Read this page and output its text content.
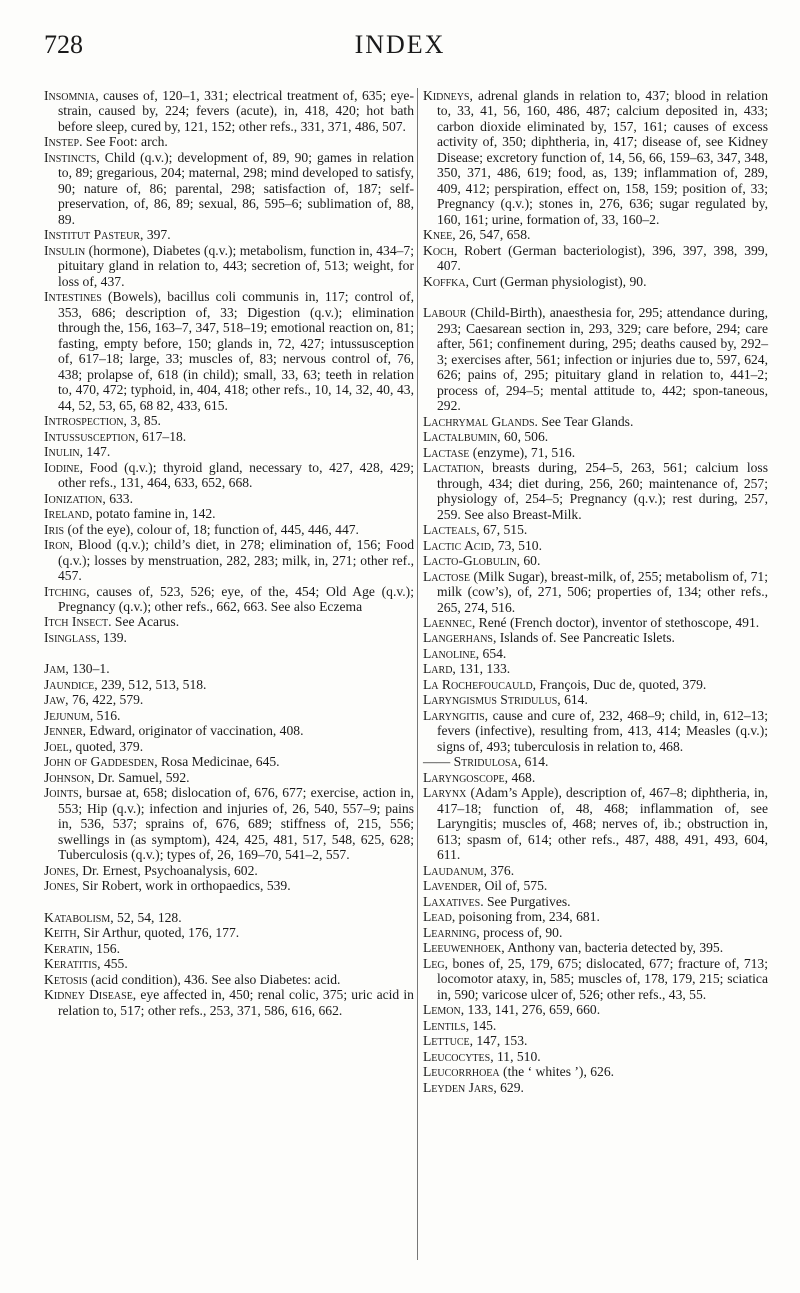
728	INDEX

Insomnia, causes of, 120–1, 331; electrical treatment of, 635; eye-strain, caused by, 224; fevers (acute), in, 418, 420; hot bath before sleep, cured by, 121, 152; other refs., 331, 371, 486, 507.

Instep. See Foot: arch.

Instincts, Child (q.v.); development of, 89, 90; games in relation to, 89; gregarious, 204; maternal, 298; mind developed to satisfy, 90; nature of, 86; parental, 298; satisfaction of, 187; self-preservation, of, 86, 89; sexual, 86, 595–6; sublimation of, 88, 89.

Institut Pasteur, 397.

Insulin (hormone), Diabetes (q.v.); metabolism, function in, 434–7; pituitary gland in relation to, 443; secretion of, 513; weight, for loss of, 437.

Intestines (Bowels), bacillus coli communis in, 117; control of, 353, 686; description of, 33; Digestion (q.v.); elimination through the, 156, 163–7, 347, 518–19; emotional reaction on, 81; fasting, empty before, 150; glands in, 72, 427; intussusception of, 617–18; large, 33; muscles of, 83; nervous control of, 76, 438; prolapse of, 618 (in child); small, 33, 63; teeth in relation to, 470, 472; typhoid, in, 404, 418; other refs., 10, 14, 32, 40, 43, 44, 52, 53, 65, 68 82, 433, 615.

Introspection, 3, 85.

Intussusception, 617–18.

Inulin, 147.

Iodine, Food (q.v.); thyroid gland, necessary to, 427, 428, 429; other refs., 131, 464, 633, 652, 668.

Ionization, 633.

Ireland, potato famine in, 142.

Iris (of the eye), colour of, 18; function of, 445, 446, 447.

Iron, Blood (q.v.); child’s diet, in 278; elimination of, 156; Food (q.v.); losses by menstruation, 282, 283; milk, in, 271; other ref., 457.

Itching, causes of, 523, 526; eye, of the, 454; Old Age (q.v.); Pregnancy (q.v.); other refs., 662, 663. See also Eczema

Itch Insect. See Acarus.

Isinglass, 139.

Jam, 130–1.

Jaundice, 239, 512, 513, 518.

Jaw, 76, 422, 579.

Jejunum, 516.

Jenner, Edward, originator of vaccination, 408.

Joel, quoted, 379.

John of Gaddesden, Rosa Medicinae, 645.

Johnson, Dr. Samuel, 592.

Joints, bursae at, 658; dislocation of, 676, 677; exercise, action in, 553; Hip (q.v.); infection and injuries of, 26, 540, 557–9; pains in, 536, 537; sprains of, 676, 689; stiffness of, 215, 556; swellings in (as symptom), 424, 425, 481, 517, 548, 625, 628; Tuberculosis (q.v.); types of, 26, 169–70, 541–2, 557.

Jones, Dr. Ernest, Psychoanalysis, 602.

Jones, Sir Robert, work in orthopaedics, 539.

Katabolism, 52, 54, 128.

Keith, Sir Arthur, quoted, 176, 177.

Keratin, 156.

Keratitis, 455.

Ketosis (acid condition), 436. See also Diabetes: acid.

Kidney Disease, eye affected in, 450; renal colic, 375; uric acid in relation to, 517; other refs., 253, 371, 586, 616, 662.

Kidneys, adrenal glands in relation to, 437; blood in relation to, 33, 41, 56, 160, 486, 487; calcium deposited in, 433; carbon dioxide eliminated by, 157, 161; causes of excess activity of, 350; diphtheria, in, 417; disease of, see Kidney Disease; excretory function of, 14, 56, 66, 159–63, 347, 348, 350, 371, 486, 619; food, as, 139; inflammation of, 289, 409, 412; perspiration, effect on, 158, 159; position of, 33; Pregnancy (q.v.); stones in, 276, 636; sugar regulated by, 160, 161; urine, formation of, 33, 160–2.

Knee, 26, 547, 658.

Koch, Robert (German bacteriologist), 396, 397, 398, 399, 407.

Koffka, Curt (German physiologist), 90.

Labour (Child-Birth), anaesthesia for, 295; attendance during, 293; Caesarean section in, 293, 329; care before, 294; care after, 561; confinement during, 295; deaths caused by, 292–3; exercises after, 561; infection or injuries due to, 597, 624, 626; pains of, 295; pituitary gland in relation to, 441–2; process of, 294–5; mental attitude to, 442; spon-taneous, 292.

Lachrymal Glands. See Tear Glands.

Lactalbumin, 60, 506.

Lactase (enzyme), 71, 516.

Lactation, breasts during, 254–5, 263, 561; calcium loss through, 434; diet during, 256, 260; maintenance of, 257; physiology of, 254–5; Pregnancy (q.v.); rest during, 257, 259. See also Breast-Milk.

Lacteals, 67, 515.

Lactic Acid, 73, 510.

Lacto-Globulin, 60.

Lactose (Milk Sugar), breast-milk, of, 255; metabolism of, 71; milk (cow’s), of, 271, 506; properties of, 134; other refs., 265, 274, 516.

Laennec, René (French doctor), inventor of stethoscope, 491.

Langerhans, Islands of. See Pancreatic Islets.

Lanoline, 654.

Lard, 131, 133.

La Rochefoucauld, François, Duc de, quoted, 379.

Laryngismus Stridulus, 614.

Laryngitis, cause and cure of, 232, 468–9; child, in, 612–13; fevers (infective), resulting from, 413, 414; Measles (q.v.); signs of, 493; tuberculosis in relation to, 468.

—— Stridulosa, 614.

Laryngoscope, 468.

Larynx (Adam’s Apple), description of, 467–8; diphtheria, in, 417–18; function of, 48, 468; inflammation of, see Laryngitis; muscles of, 468; nerves of, ib.; obstruction in, 613; spasm of, 614; other refs., 487, 488, 491, 493, 604, 611.

Laudanum, 376.

Lavender, Oil of, 575.

Laxatives. See Purgatives.

Lead, poisoning from, 234, 681.

Learning, process of, 90.

Leeuwenhoek, Anthony van, bacteria detected by, 395.

Leg, bones of, 25, 179, 675; dislocated, 677; fracture of, 713; locomotor ataxy, in, 585; muscles of, 178, 179, 215; sciatica in, 590; varicose ulcer of, 526; other refs., 43, 55.

Lemon, 133, 141, 276, 659, 660.

Lentils, 145.

Lettuce, 147, 153.

Leucocytes, 11, 510.

Leucorrhoea (the ‘ whites ’), 626.

Leyden Jars, 629.
